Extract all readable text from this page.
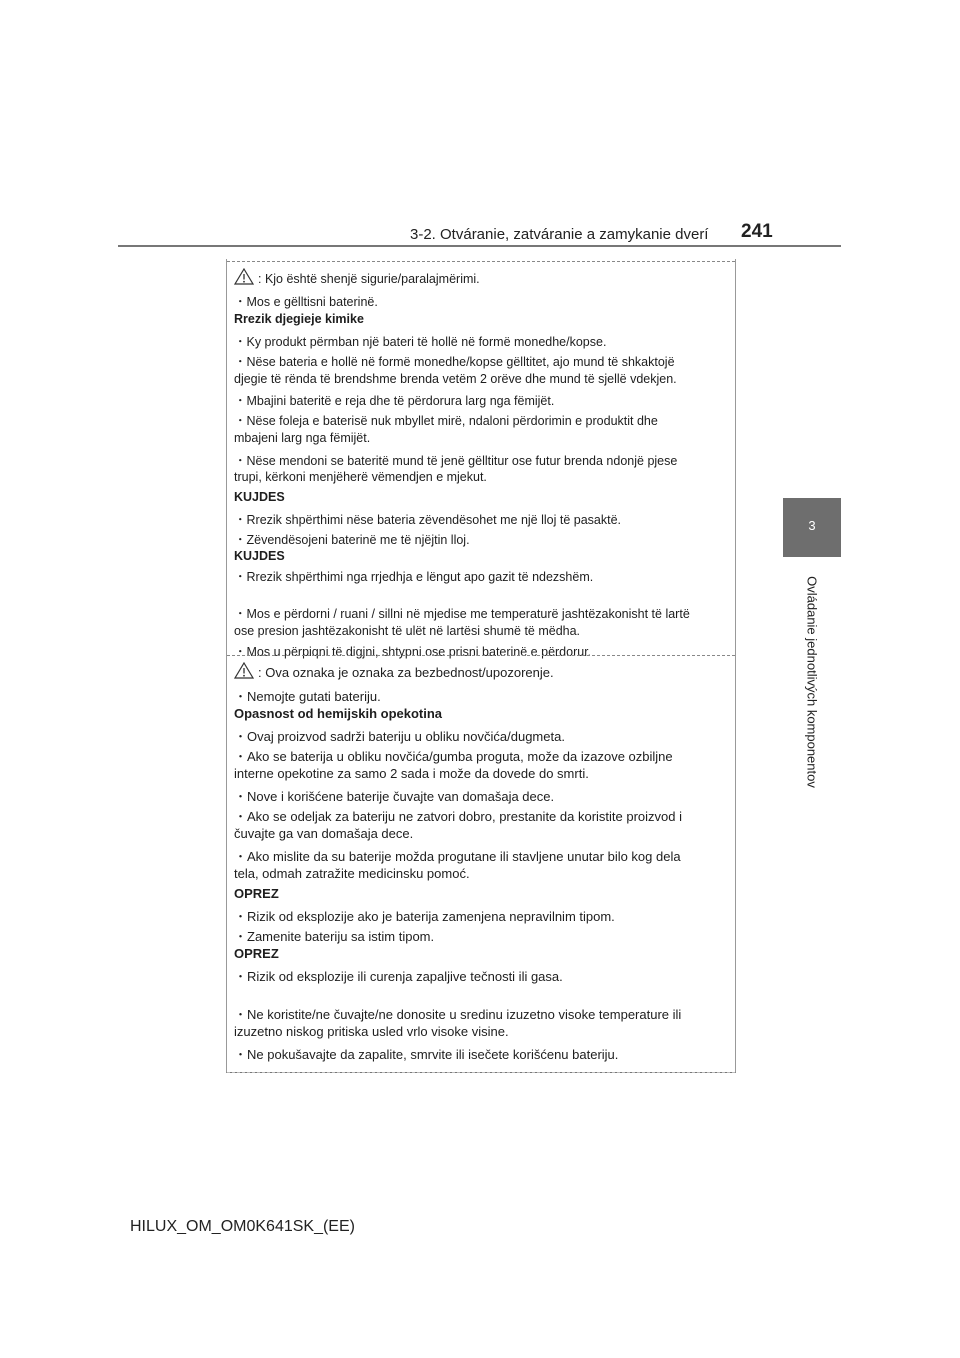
3-2. Otváranie, zatváranie a zamykanie dverí 241
3
Ovládanie jednotlivých komponentov
: Kjo është shenjë sigurie/paralajmërimi.
・Mos e gëlltisni baterinë.
Rrezik djegieje kimike
・Ky produkt përmban një bateri të hollë në formë monedhe/kopse.
・Nëse bateria e hollë në formë monedhe/kopse gëlltitet, ajo mund të shkaktojë
djegie të rënda të brendshme brenda vetëm 2 orëve dhe mund të sjellë vdekjen.
・Mbajini bateritë e reja dhe të përdorura larg nga fëmijët.
・Nëse foleja e baterisë nuk mbyllet mirë, ndaloni përdorimin e produktit dhe
mbajeni larg nga fëmijët.
・Nëse mendoni se bateritë mund të jenë gëlltitur ose futur brenda ndonjë pjese
trupi, kërkoni menjëherë vëmendjen e mjekut.
KUJDES
・Rrezik shpërthimi nëse bateria zëvendësohet me një lloj të pasaktë.
・Zëvendësojeni baterinë me të njëjtin lloj.
KUJDES
・Rrezik shpërthimi nga rrjedhja e lëngut apo gazit të ndezshëm.
・Mos e përdorni / ruani / sillni në mjedise me temperaturë jashtëzakonisht të lartë
ose presion jashtëzakonisht të ulët në lartësi shumë të mëdha.
・Mos u përpiqni të digjni, shtypni ose prisni baterinë e përdorur.
: Ova oznaka je oznaka za bezbednost/upozorenje.
・Nemojte gutati bateriju.
Opasnost od hemijskih opekotina
・Ovaj proizvod sadrži bateriju u obliku novčića/dugmeta.
・Ako se baterija u obliku novčića/gumba proguta, može da izazove ozbiljne
interne opekotine za samo 2 sada i može da dovede do smrti.
・Nove i korišćene baterije čuvajte van domašaja dece.
・Ako se odeljak za bateriju ne zatvori dobro, prestanite da koristite proizvod i
čuvajte ga van domašaja dece.
・Ako mislite da su baterije možda progutane ili stavljene unutar bilo kog dela
tela, odmah zatražite medicinsku pomoć.
OPREZ
・Rizik od eksplozije ako je baterija zamenjena nepravilnim tipom.
・Zamenite bateriju sa istim tipom.
OPREZ
・Rizik od eksplozije ili curenja zapaljive tečnosti ili gasa.
・Ne koristite/ne čuvajte/ne donosite u sredinu izuzetno visoke temperature ili
izuzetno niskog pritiska usled vrlo visoke visine.
・Ne pokušavajte da zapalite, smrvite ili isečete korišćenu bateriju.
HILUX_OM_OM0K641SK_(EE)
